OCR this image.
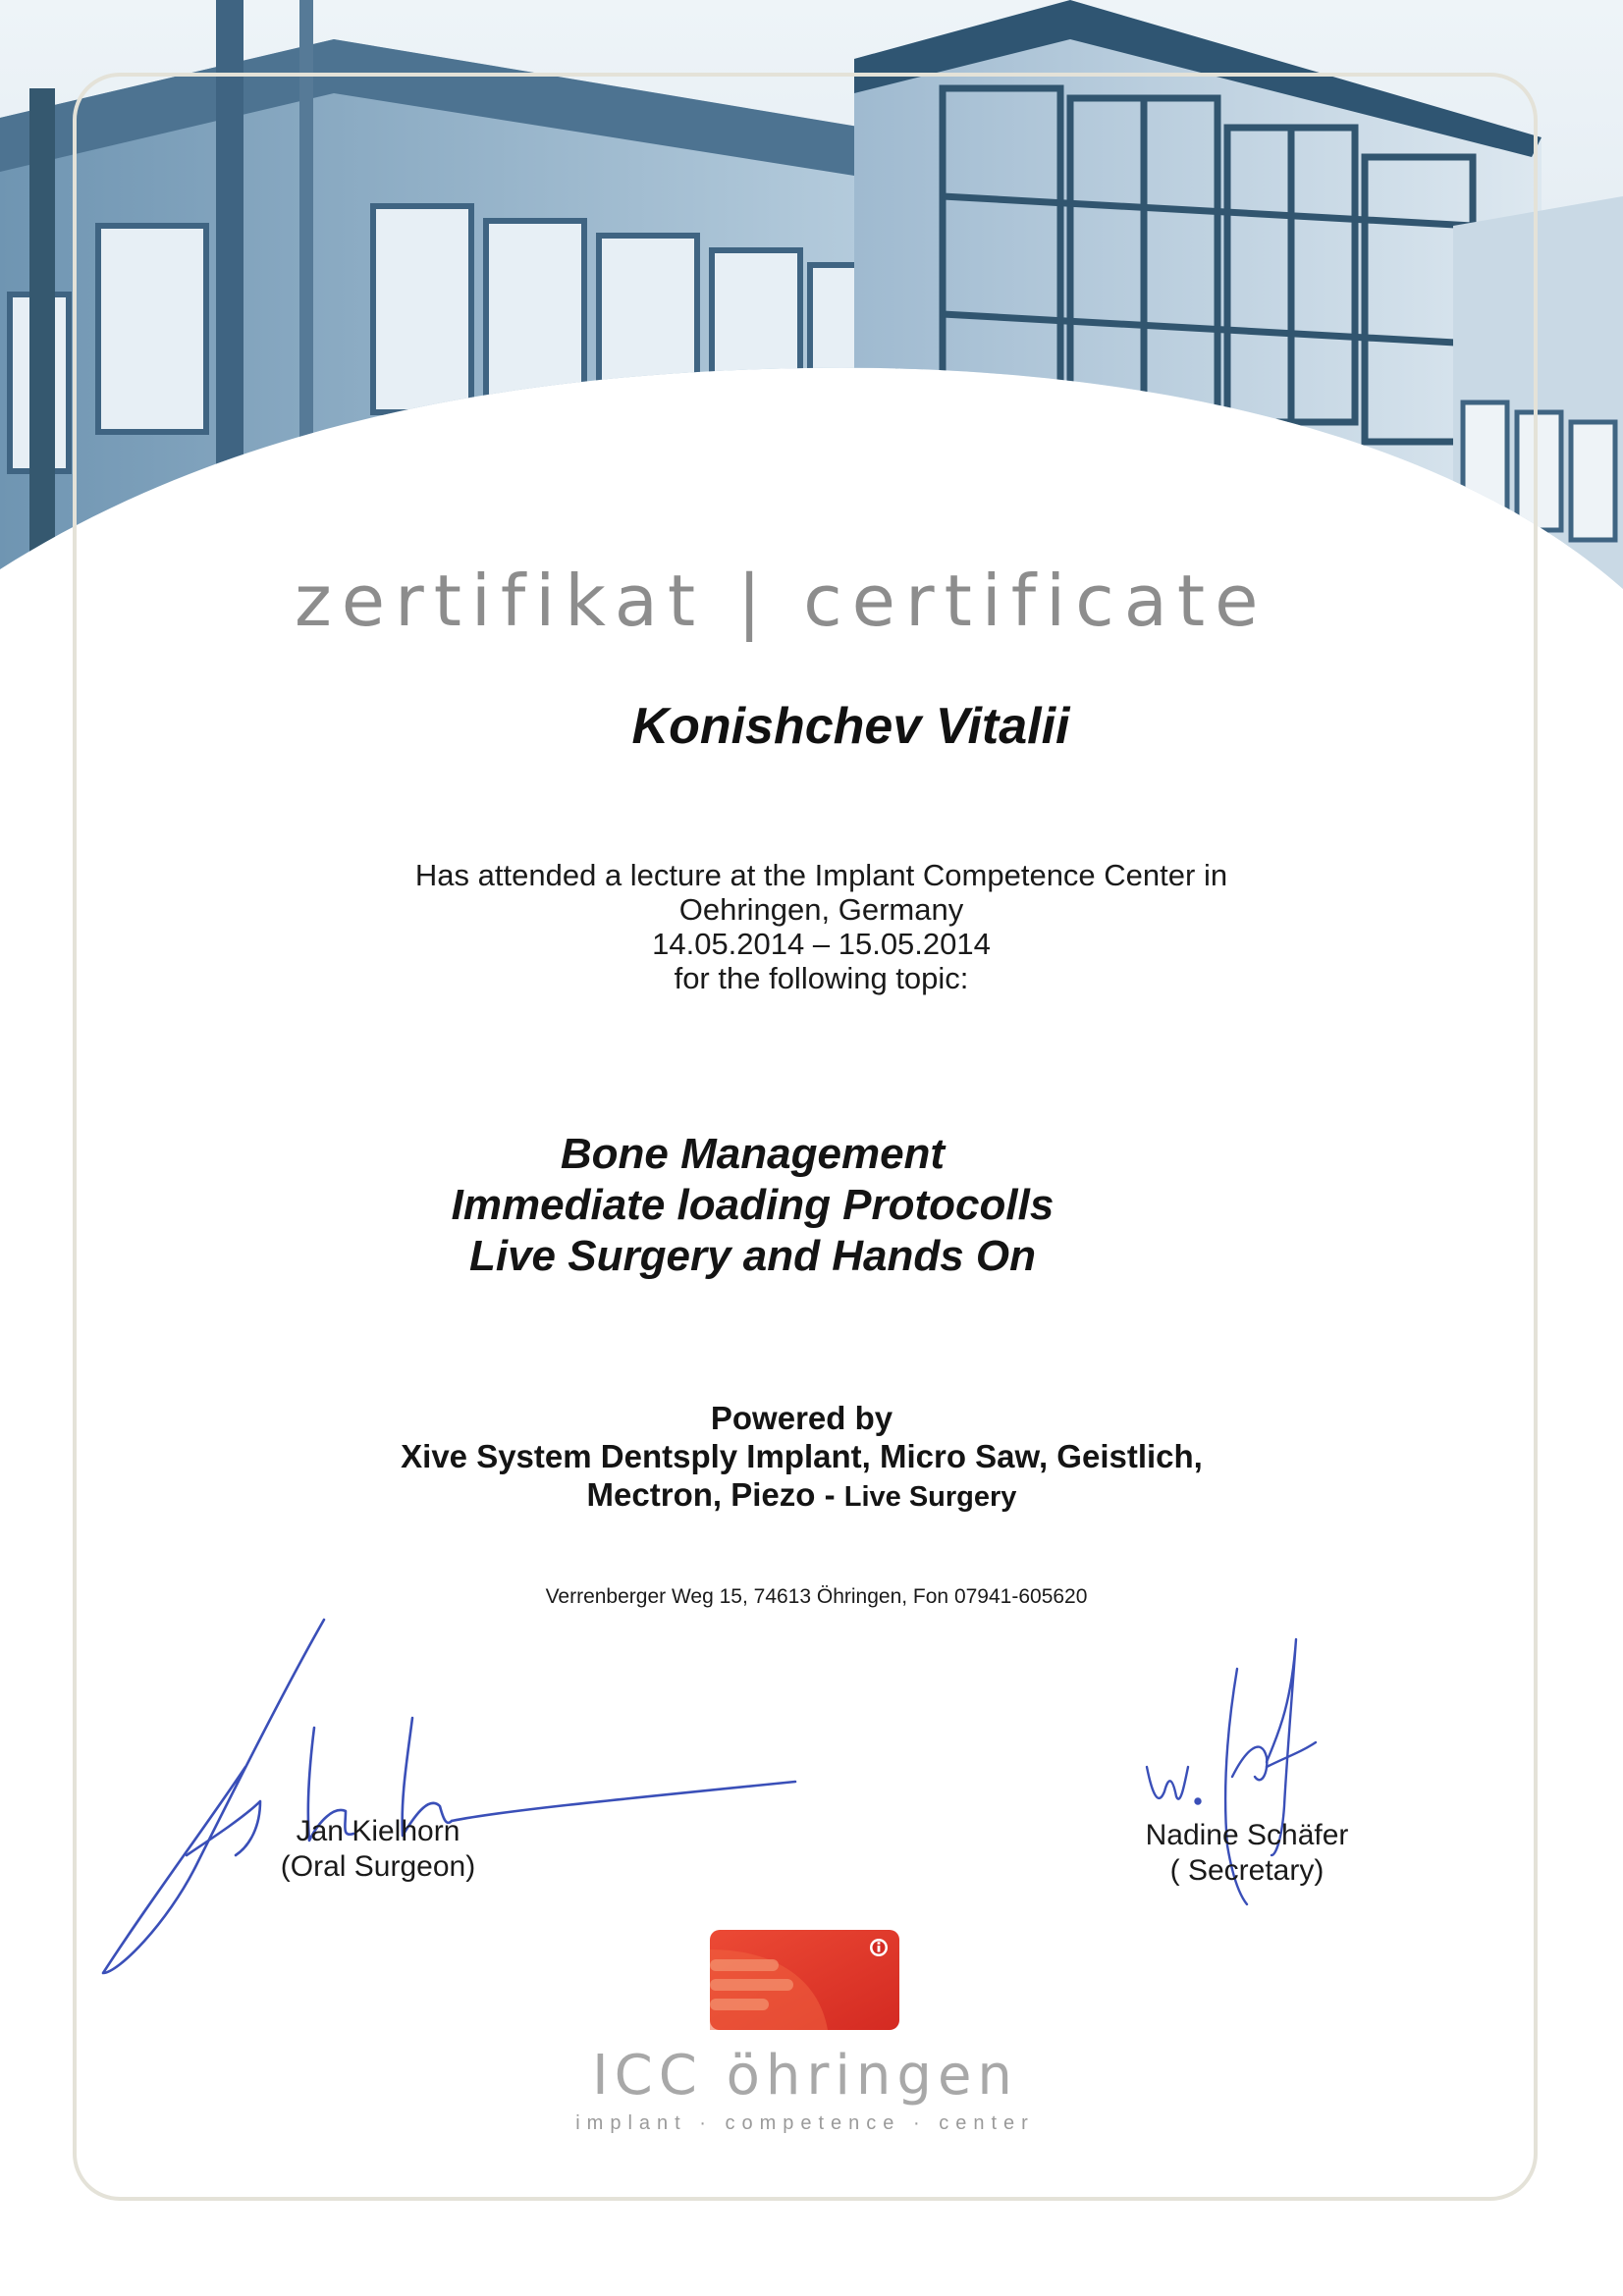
zertifikat | certificate
Konishchev Vitalii
Has attended a lecture at the Implant Competence Center in
Oehringen, Germany
14.05.2014 – 15.05.2014
for the following topic:
Bone Management
Immediate loading Protocolls
Live Surgery and Hands On
Powered by
Xive System Dentsply Implant, Micro Saw, Geistlich,
Mectron, Piezo - Live Surgery
Verrenberger Weg 15, 74613 Öhringen, Fon 07941-605620
Jan Kielhorn
(Oral Surgeon)
Nadine Schäfer
( Secretary)
ICC öhringen
implant · competence · center
